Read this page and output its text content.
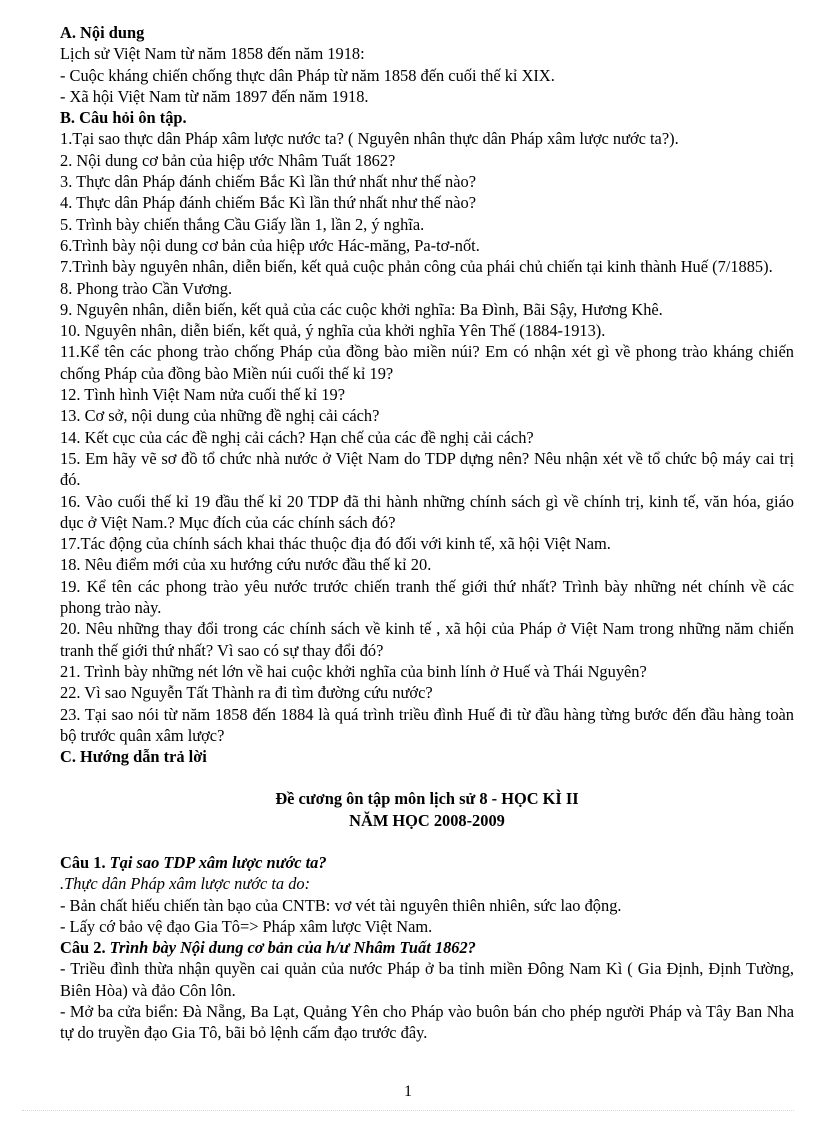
A. Nội dung
Lịch sử Việt Nam từ năm 1858 đến năm 1918:
- Cuộc kháng chiến chống thực dân Pháp từ năm 1858 đến cuối thế kỉ XIX.
- Xã hội Việt Nam từ năm 1897 đến năm 1918.
B. Câu hỏi ôn tập.
1.Tại sao thực dân Pháp xâm lược nước ta? ( Nguyên nhân thực dân Pháp xâm lược nước ta?).
2. Nội dung cơ bản của hiệp ước Nhâm Tuất 1862?
3. Thực dân Pháp đánh chiếm Bắc Kì lần thứ nhất như thế nào?
4. Thực dân Pháp đánh chiếm Bắc Kì lần thứ nhất như thế nào?
5. Trình bày chiến thắng Cầu Giấy lần 1, lần 2, ý nghĩa.
6.Trình bày nội dung cơ bản của hiệp ước Hác-măng, Pa-tơ-nốt.
7.Trình bày nguyên nhân, diễn biến, kết quả cuộc phản công của phái chủ chiến tại kinh thành Huế (7/1885).
8. Phong trào Cần Vương.
9. Nguyên nhân, diễn biến, kết quả của các cuộc khởi nghĩa: Ba Đình, Bãi Sậy, Hương Khê.
10. Nguyên nhân, diễn biến, kết quả, ý nghĩa của khởi nghĩa Yên Thế (1884-1913).
11.Kể tên các phong trào chống Pháp của đồng bào miền núi? Em có nhận xét gì về phong trào kháng chiến chống Pháp của đồng bào Miền núi cuối thế kỉ 19?
12. Tình hình Việt Nam nửa cuối thế kỉ 19?
13. Cơ sở, nội dung của những đề nghị cải cách?
14. Kết cục của các đề nghị cải cách? Hạn chế của các đề nghị cải cách?
15. Em hãy vẽ sơ đồ tổ chức nhà nước ở Việt Nam do TDP dựng nên? Nêu nhận xét về tổ chức bộ máy cai trị đó.
16. Vào cuối thế kỉ 19 đầu thế kỉ 20 TDP đã thi hành những chính sách gì về chính trị, kinh tế, văn hóa, giáo dục ở Việt Nam.? Mục đích của các chính sách đó?
17.Tác động của chính sách khai thác thuộc địa đó đối với kinh tế, xã hội Việt Nam.
18. Nêu điểm mới của xu hướng cứu nước đầu thế kỉ 20.
19. Kể tên các phong trào yêu nước trước chiến tranh thế giới thứ nhất? Trình bày những nét chính về các phong trào này.
20. Nêu những thay đổi trong các chính sách về kinh tế , xã hội của Pháp ở Việt Nam trong những năm chiến tranh thế giới thứ nhất? Vì sao có sự thay đổi đó?
21. Trình bày những nét lớn về hai cuộc khởi nghĩa của binh lính ở Huế và Thái Nguyên?
22. Vì sao Nguyễn Tất Thành ra đi tìm đường cứu nước?
23. Tại sao nói từ năm 1858 đến 1884 là quá trình triều đình Huế đi từ đầu hàng từng bước đến đầu hàng toàn bộ trước quân xâm lược?
C. Hướng dẫn trả lời
Đề cương ôn tập môn lịch sử 8 - HỌC KÌ II
NĂM HỌC 2008-2009
Câu 1. Tại sao TDP xâm lược nước ta?
.Thực dân Pháp xâm lược nước ta do:
- Bản chất hiếu chiến tàn bạo của CNTB: vơ vét tài nguyên thiên nhiên, sức lao động.
- Lấy cớ bảo vệ đạo Gia Tô=> Pháp xâm lược Việt Nam.
Câu 2. Trình bày Nội dung cơ bản của h/ư Nhâm Tuất 1862?
- Triều đình thừa nhận quyền cai quản của nước Pháp ở ba tỉnh miền Đông Nam Kì ( Gia Định, Định Tường, Biên Hòa) và đảo Côn lôn.
- Mở ba cửa biển: Đà Nẵng, Ba Lạt, Quảng Yên cho Pháp vào buôn bán cho phép người Pháp và Tây Ban Nha tự do truyền đạo Gia Tô, bãi bỏ lệnh cấm đạo trước đây.
1
